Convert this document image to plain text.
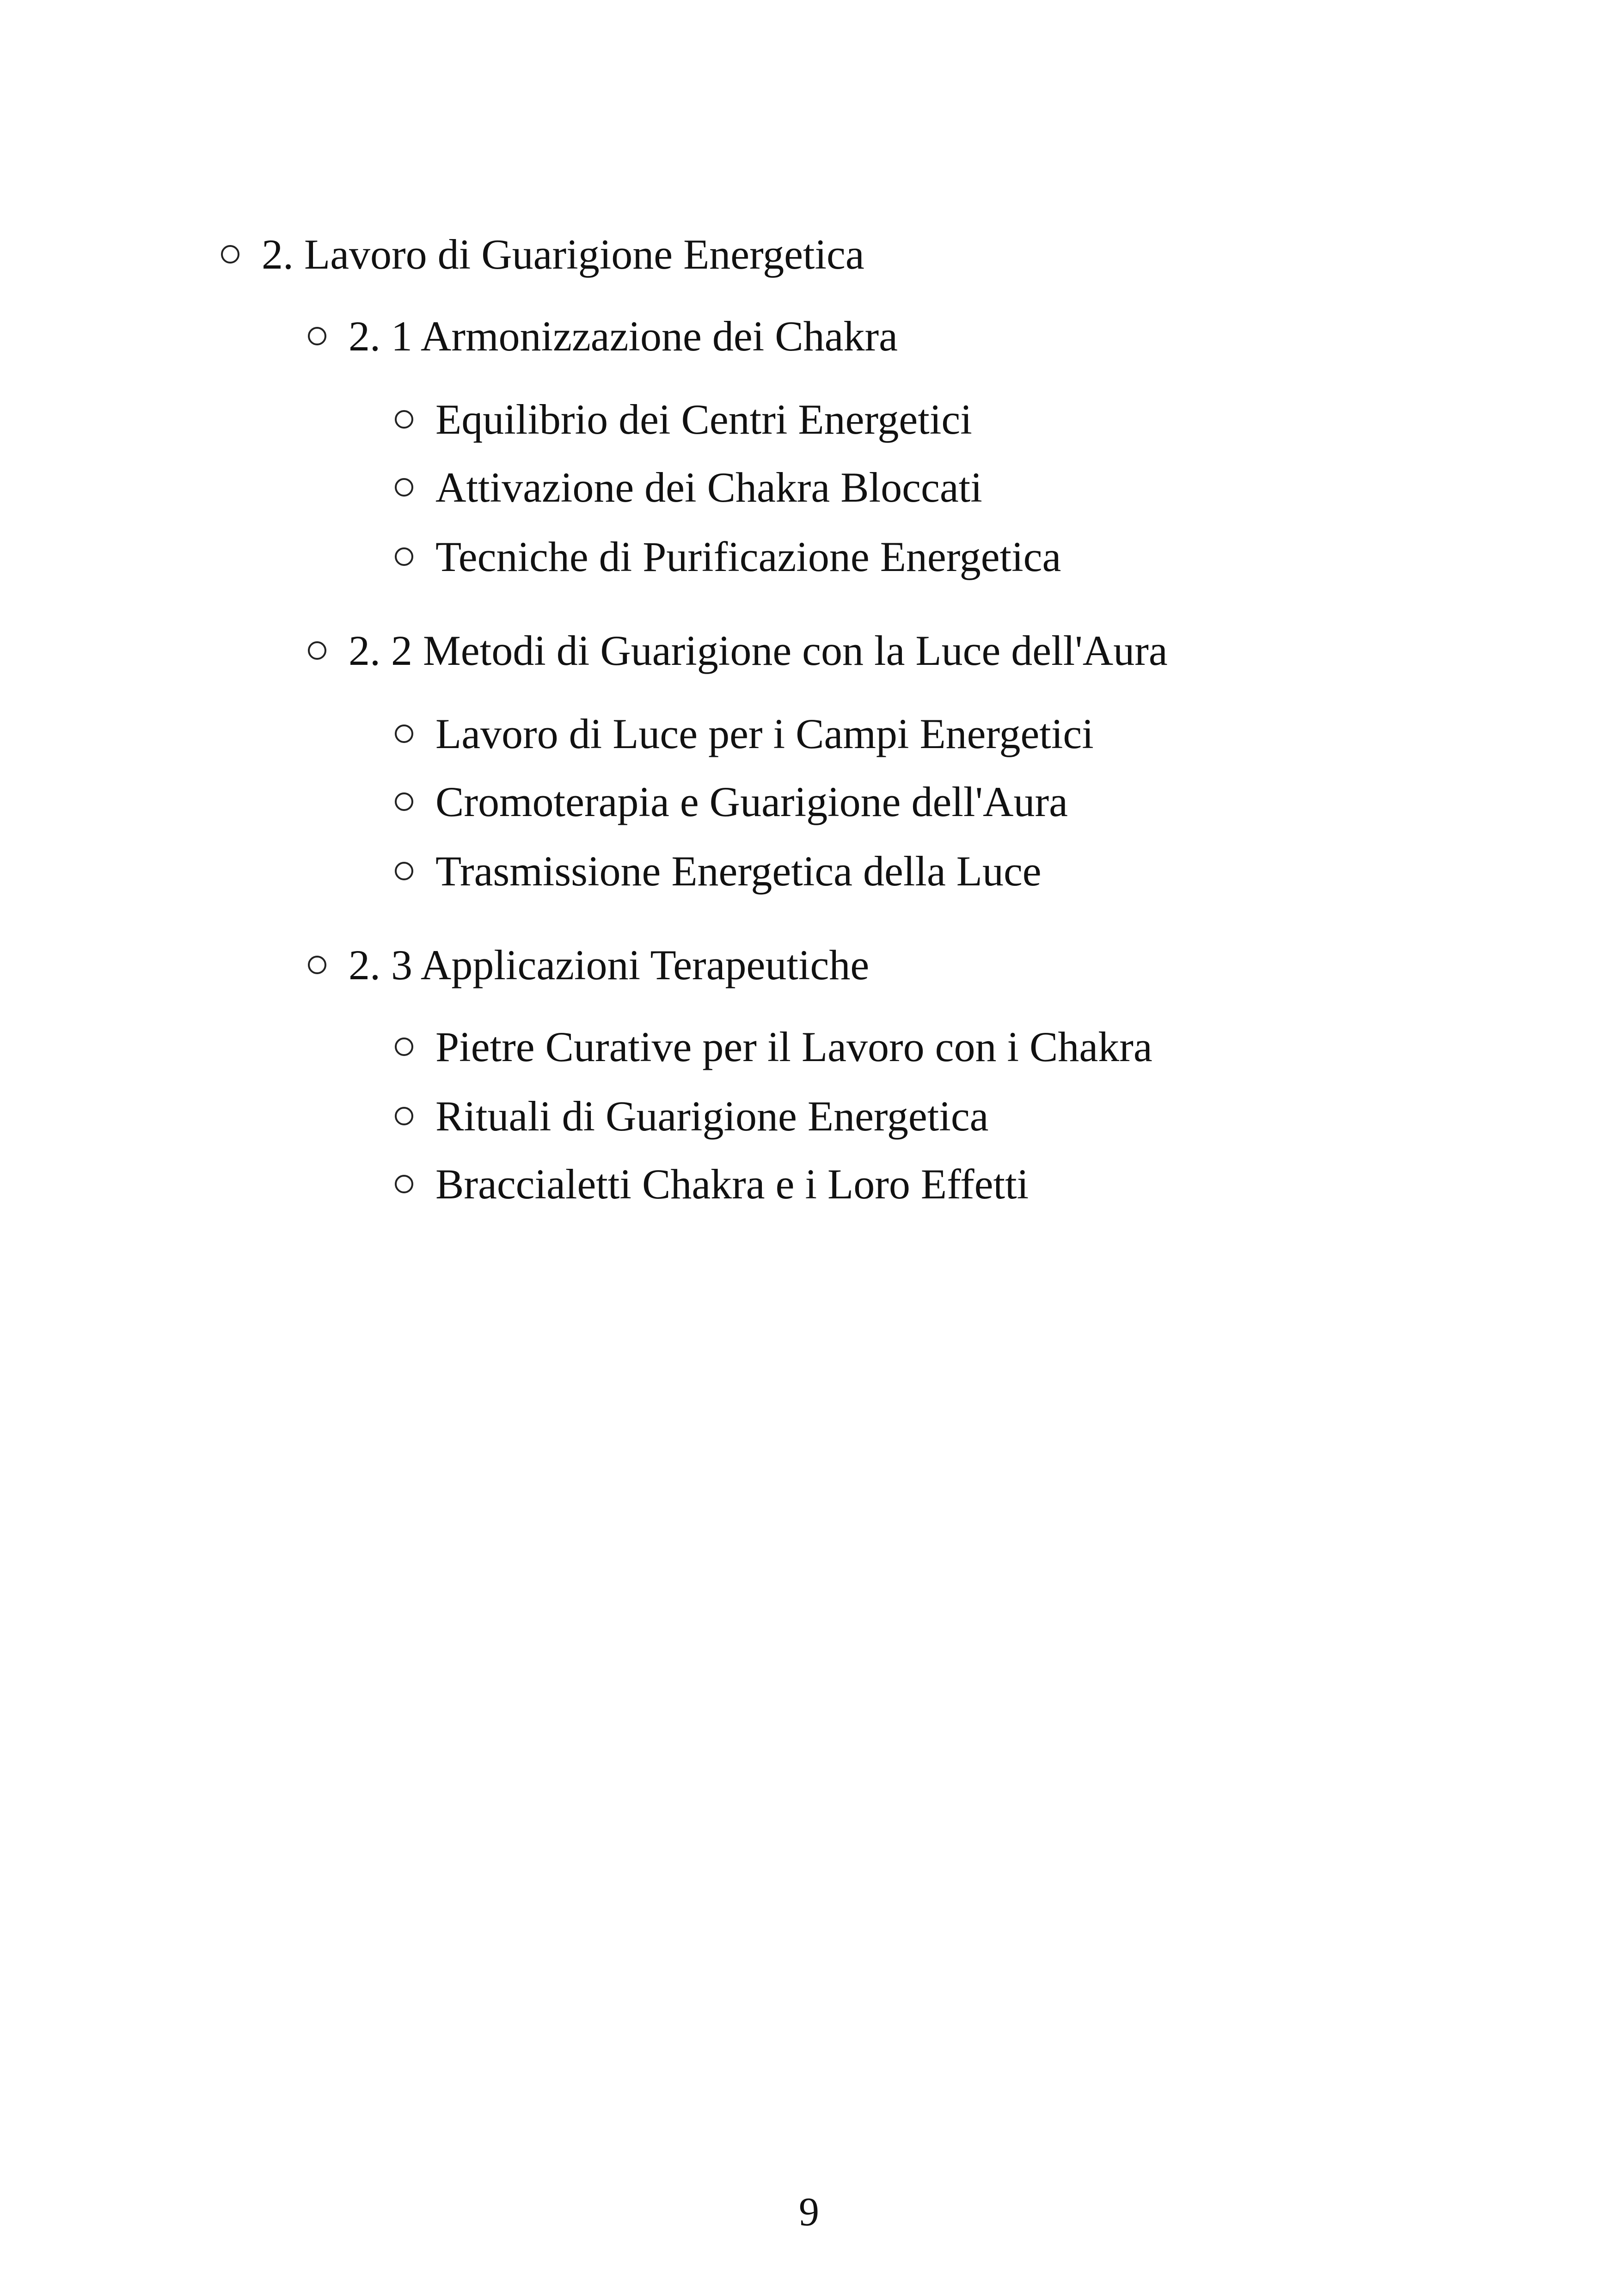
2. Lavoro di Guarigione Energetica
2. 1 Armonizzazione dei Chakra
Equilibrio dei Centri Energetici
Attivazione dei Chakra Bloccati
Tecniche di Purificazione Energetica
2. 2 Metodi di Guarigione con la Luce dell'Aura
Lavoro di Luce per i Campi Energetici
Cromoterapia e Guarigione dell'Aura
Trasmissione Energetica della Luce
2. 3 Applicazioni Terapeutiche
Pietre Curative per il Lavoro con i Chakra
Rituali di Guarigione Energetica
Braccialetti Chakra e i Loro Effetti
9
